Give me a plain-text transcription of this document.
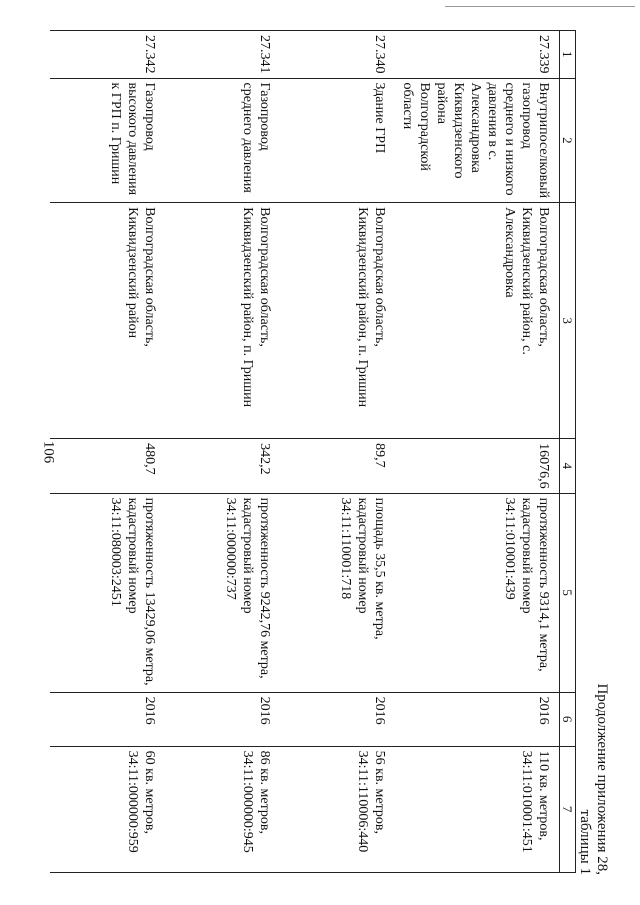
106
Продолжение приложения 28,
таблицы 1
1	2	3	4	5	6	7
27.339	Внутрипоселковый газопровод среднего и низкого давления в с. Александровка Киквидзенского района Волгоградской области	Волгоградская область, Киквидзенский район, с. Александровка	16076,6	протяженность 9314,1 метра, кадастровый номер 34:11:010001:439	2016	110 кв. метров, 34:11:010001:451
27.340	Здание ГРП	Волгоградская область, Киквидзенский район, п. Гришин	89,7	площадь 35,5 кв. метра, кадастровый номер 34:11:110001:718	2016	56 кв. метров, 34:11:110006:440
27.341	Газопровод среднего давления	Волгоградская область, Киквидзенский район, п. Гришин	342,2	протяженность 9242,76 метра, кадастровый номер 34:11:000000:737	2016	86 кв. метров, 34:11:000000:945
27.342	Газопровод высокого давления к ГРП п. Гришин	Волгоградская область, Киквидзенский район	480,7	протяженность 13429,06 метра, кадастровый номер 34:11:080003:2451	2016	60 кв. метров, 34:11:000000:959
